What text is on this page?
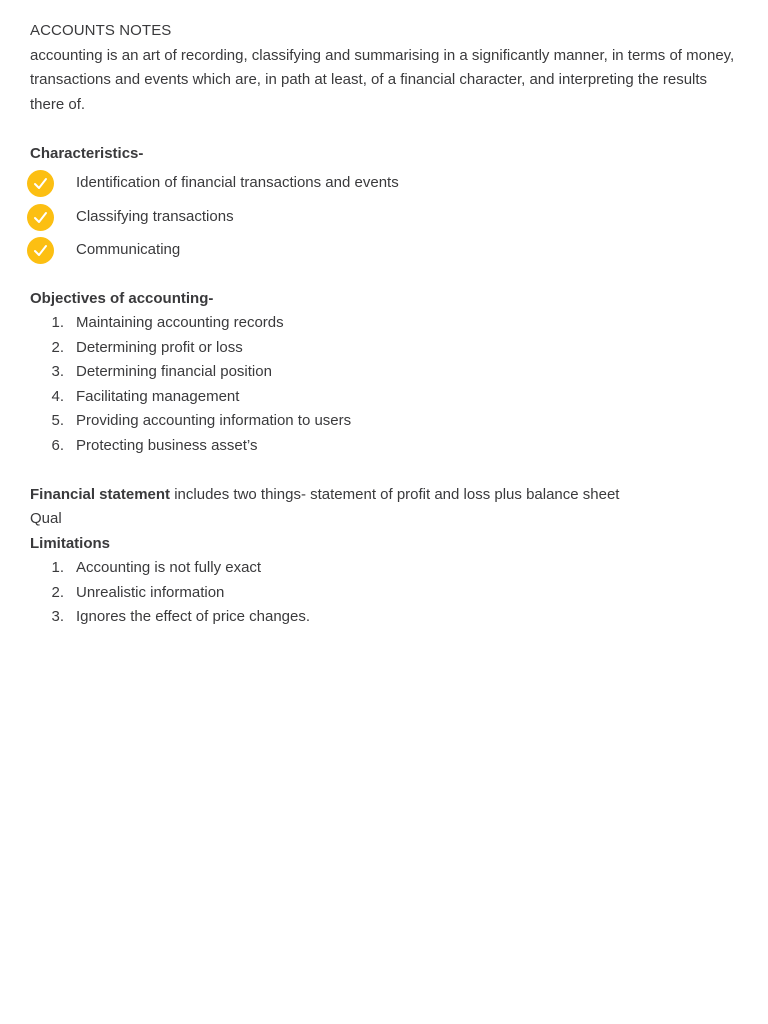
ACCOUNTS NOTES

accounting is an art of recording, classifying and summarising in a significantly manner, in terms of money, transactions and events which are, in path at least, of a financial character, and interpreting the results there of.

Characteristics-
Identification of financial transactions and events
Classifying transactions
Communicating
Objectives of accounting-
1. Maintaining accounting records
2. Determining profit or loss
3. Determining financial position
4. Facilitating management
5. Providing accounting information to users
6. Protecting business asset’s
Financial statement includes two things- statement of profit and loss plus balance sheet
Qual
Limitations
1. Accounting is not fully exact
2. Unrealistic information
3. Ignores the effect of price changes.
